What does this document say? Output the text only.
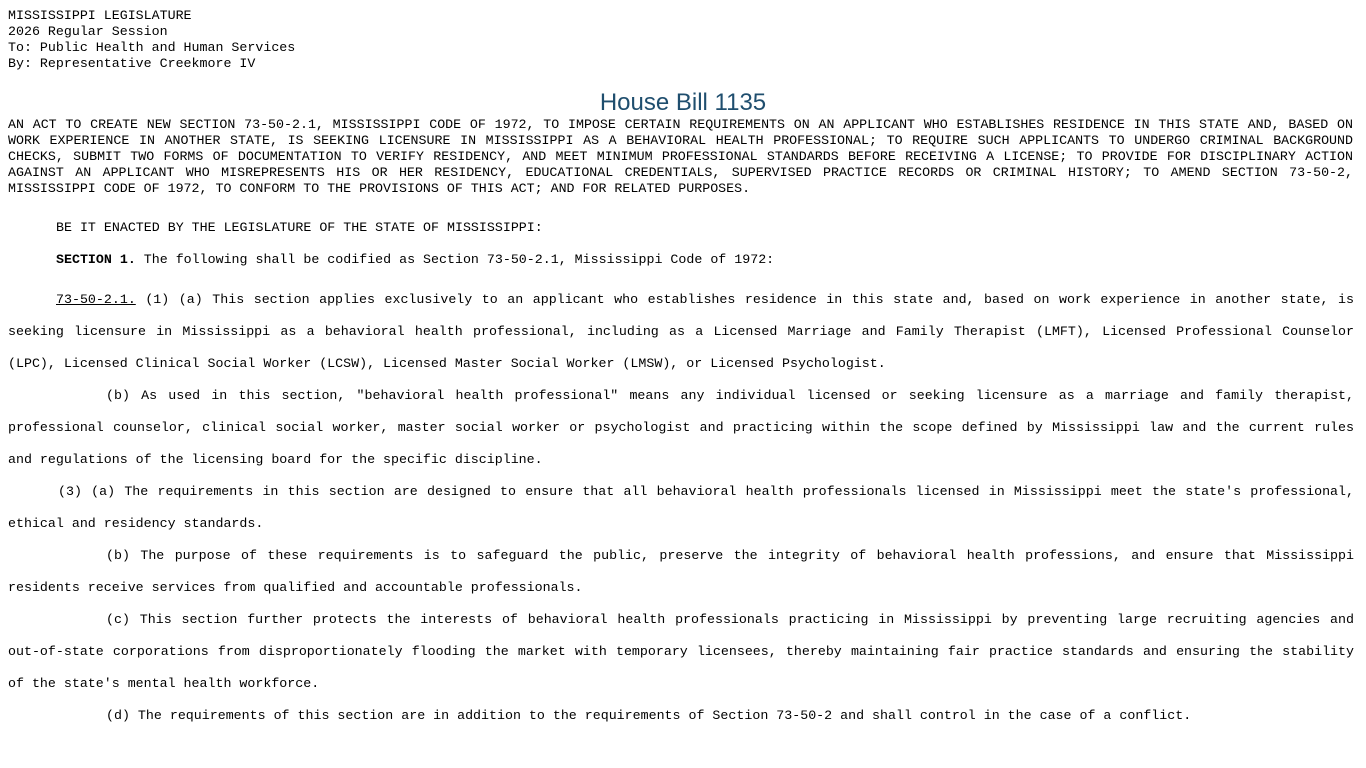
MISSISSIPPI LEGISLATURE
2026 Regular Session
To: Public Health and Human Services
By: Representative Creekmore IV
House Bill 1135
AN ACT TO CREATE NEW SECTION 73-50-2.1, MISSISSIPPI CODE OF 1972, TO IMPOSE CERTAIN REQUIREMENTS ON AN APPLICANT WHO ESTABLISHES RESIDENCE IN THIS STATE AND, BASED ON WORK EXPERIENCE IN ANOTHER STATE, IS SEEKING LICENSURE IN MISSISSIPPI AS A BEHAVIORAL HEALTH PROFESSIONAL; TO REQUIRE SUCH APPLICANTS TO UNDERGO CRIMINAL BACKGROUND CHECKS, SUBMIT TWO FORMS OF DOCUMENTATION TO VERIFY RESIDENCY, AND MEET MINIMUM PROFESSIONAL STANDARDS BEFORE RECEIVING A LICENSE; TO PROVIDE FOR DISCIPLINARY ACTION AGAINST AN APPLICANT WHO MISREPRESENTS HIS OR HER RESIDENCY, EDUCATIONAL CREDENTIALS, SUPERVISED PRACTICE RECORDS OR CRIMINAL HISTORY; TO AMEND SECTION 73-50-2, MISSISSIPPI CODE OF 1972, TO CONFORM TO THE PROVISIONS OF THIS ACT; AND FOR RELATED PURPOSES.

BE IT ENACTED BY THE LEGISLATURE OF THE STATE OF MISSISSIPPI:

SECTION 1. The following shall be codified as Section 73-50-2.1, Mississippi Code of 1972:

73-50-2.1. (1) (a) This section applies exclusively to an applicant who establishes residence in this state and, based on work experience in another state, is seeking licensure in Mississippi as a behavioral health professional, including as a Licensed Marriage and Family Therapist (LMFT), Licensed Professional Counselor (LPC), Licensed Clinical Social Worker (LCSW), Licensed Master Social Worker (LMSW), or Licensed Psychologist.

(b) As used in this section, "behavioral health professional" means any individual licensed or seeking licensure as a marriage and family therapist, professional counselor, clinical social worker, master social worker or psychologist and practicing within the scope defined by Mississippi law and the current rules and regulations of the licensing board for the specific discipline.

(3) (a) The requirements in this section are designed to ensure that all behavioral health professionals licensed in Mississippi meet the state's professional, ethical and residency standards.

(b) The purpose of these requirements is to safeguard the public, preserve the integrity of behavioral health professions, and ensure that Mississippi residents receive services from qualified and accountable professionals.

(c) This section further protects the interests of behavioral health professionals practicing in Mississippi by preventing large recruiting agencies and out-of-state corporations from disproportionately flooding the market with temporary licensees, thereby maintaining fair practice standards and ensuring the stability of the state's mental health workforce.

(d) The requirements of this section are in addition to the requirements of Section 73-50-2 and shall control in the case of a conflict.
